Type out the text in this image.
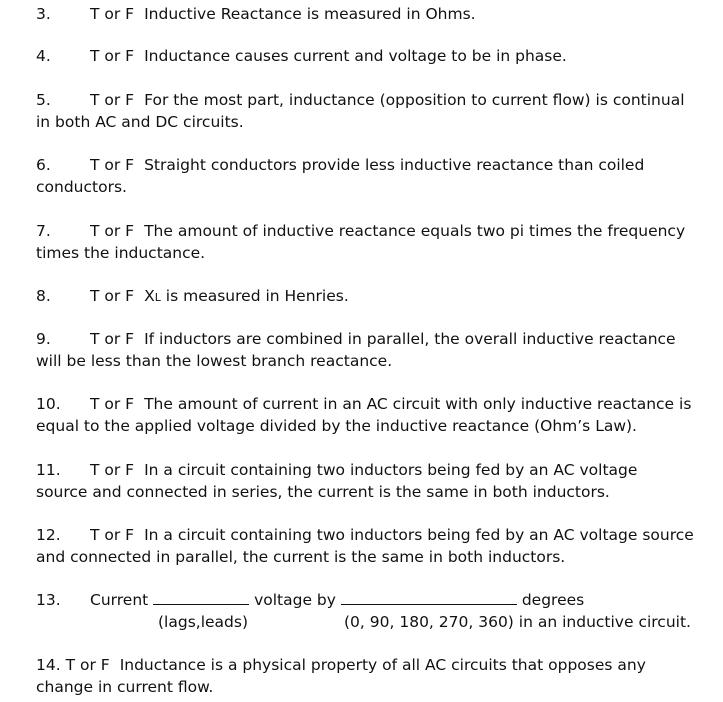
3.	T or F Inductive Reactance is measured in Ohms.
4.	T or F Inductance causes current and voltage to be in phase.
5.	T or F For the most part, inductance (opposition to current flow) is continual
in both AC and DC circuits.
6.	T or F Straight conductors provide less inductive reactance than coiled
conductors.
7.	T or F The amount of inductive reactance equals two pi times the frequency
times the inductance.
8.	T or F XL is measured in Henries.
9.	T or F If inductors are combined in parallel, the overall inductive reactance
will be less than the lowest branch reactance.
10. T or F The amount of current in an AC circuit with only inductive reactance is
equal to the applied voltage divided by the inductive reactance (Ohm’s Law).
11. T or F In a circuit containing two inductors being fed by an AC voltage
source and connected in series, the current is the same in both inductors.
12. T or F In a circuit containing two inductors being fed by an AC voltage source
and connected in parallel, the current is the same in both inductors.
13. Current	voltage by	degrees
(lags,leads)	(0, 90, 180, 270, 360) in an inductive circuit.
14. T or F Inductance is a physical property of all AC circuits that opposes any
change in current flow.
